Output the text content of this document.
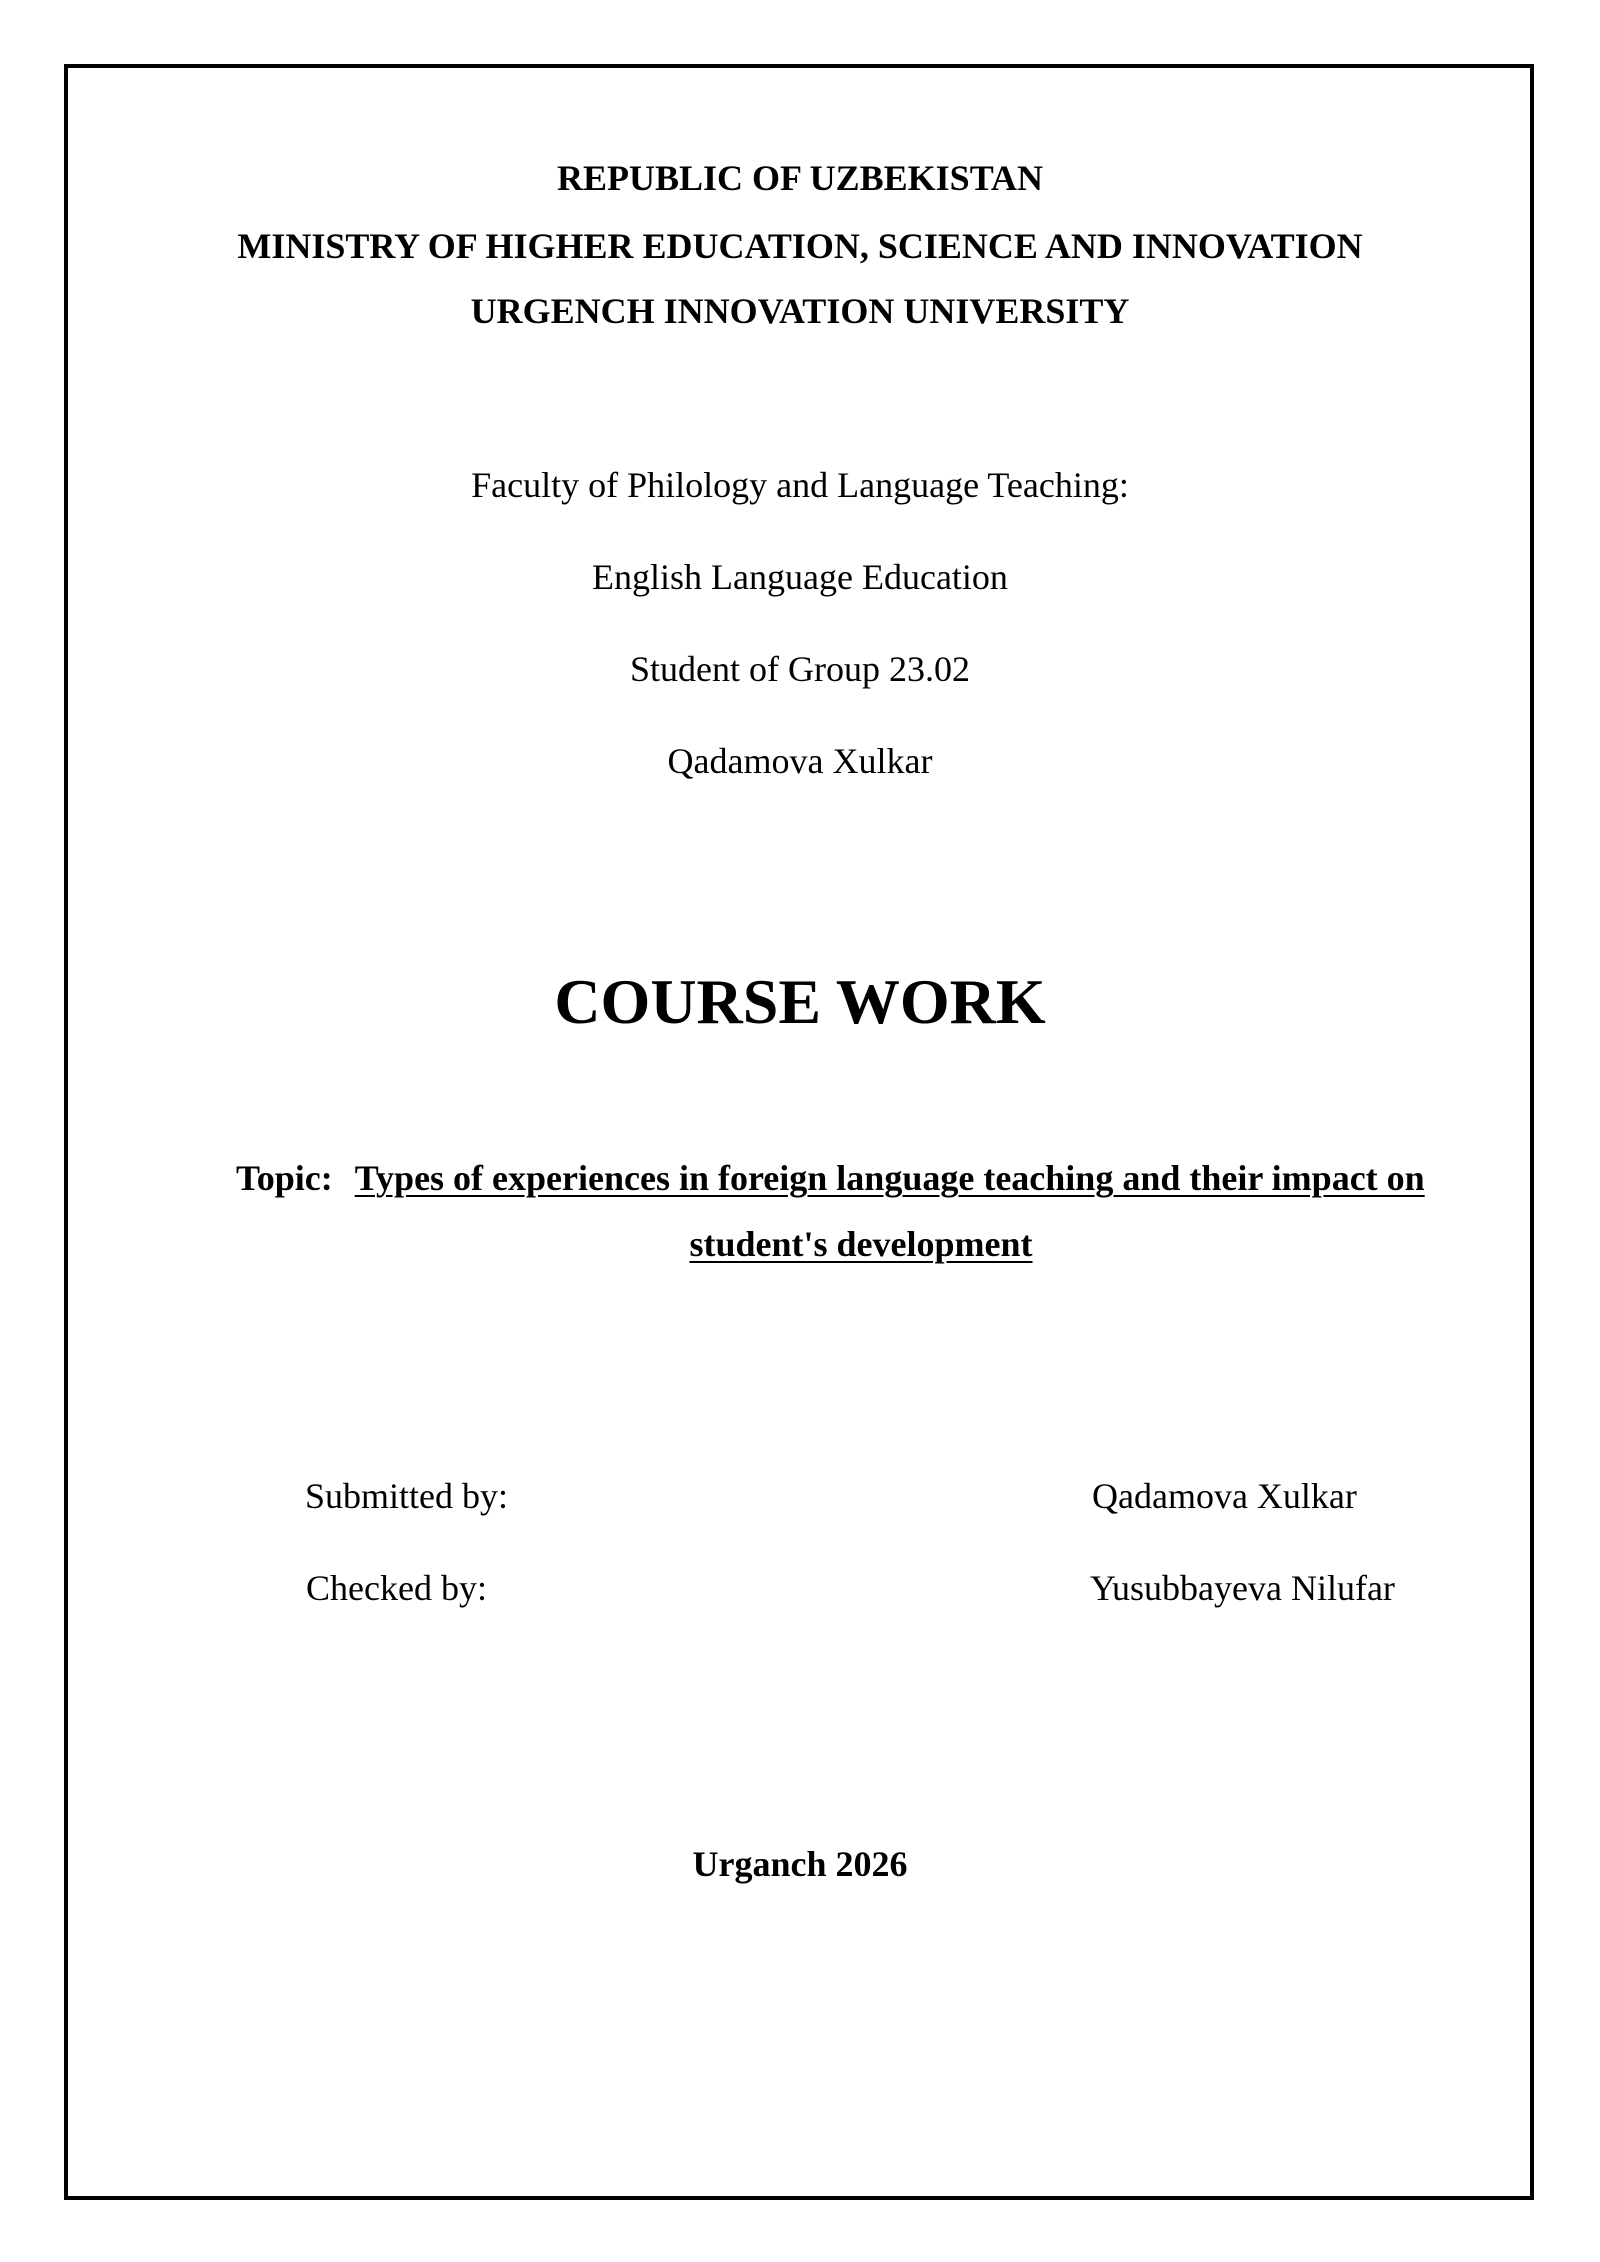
REPUBLIC OF UZBEKISTAN
MINISTRY OF HIGHER EDUCATION, SCIENCE AND INNOVATION
URGENCH INNOVATION UNIVERSITY
Faculty of Philology and Language Teaching:
English Language Education
Student of Group 23.02
Qadamova Xulkar
COURSE WORK
Topic: Types of experiences in foreign language teaching and their impact on
student's development
Submitted by:	Qadamova Xulkar
Checked by:	Yusubbayeva Nilufar
Urganch 2026
